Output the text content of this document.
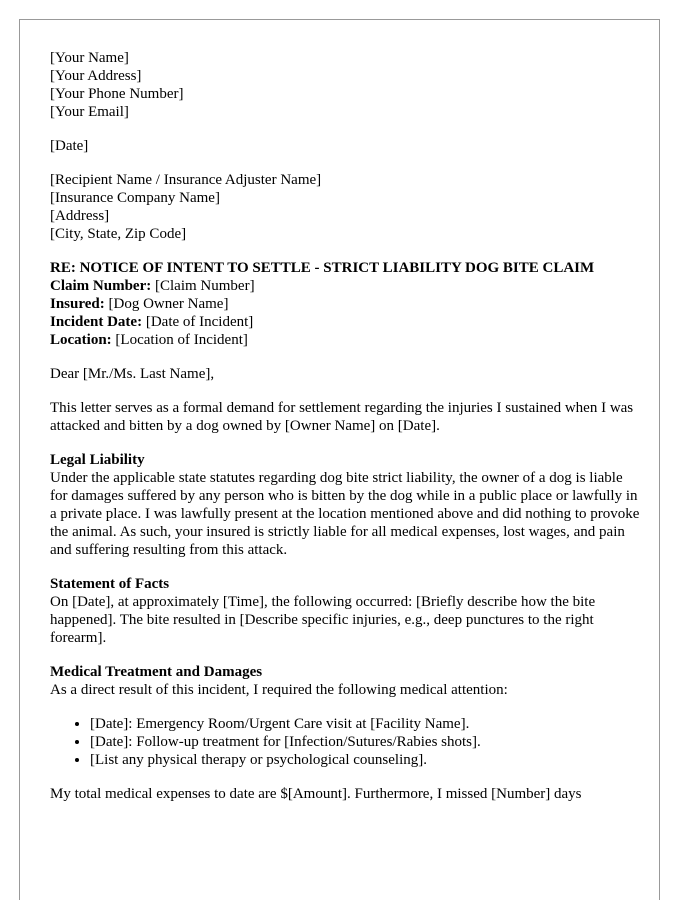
[Your Name]
[Your Address]
[Your Phone Number]
[Your Email]
[Date]
[Recipient Name / Insurance Adjuster Name]
[Insurance Company Name]
[Address]
[City, State, Zip Code]
RE: NOTICE OF INTENT TO SETTLE - STRICT LIABILITY DOG BITE CLAIM
Claim Number: [Claim Number]
Insured: [Dog Owner Name]
Incident Date: [Date of Incident]
Location: [Location of Incident]

Dear [Mr./Ms. Last Name],

This letter serves as a formal demand for settlement regarding the injuries I sustained when I was attacked and bitten by a dog owned by [Owner Name] on [Date].

Legal Liability
Under the applicable state statutes regarding dog bite strict liability, the owner of a dog is liable for damages suffered by any person who is bitten by the dog while in a public place or lawfully in a private place. I was lawfully present at the location mentioned above and did nothing to provoke the animal. As such, your insured is strictly liable for all medical expenses, lost wages, and pain and suffering resulting from this attack.
Statement of Facts
On [Date], at approximately [Time], the following occurred: [Briefly describe how the bite happened]. The bite resulted in [Describe specific injuries, e.g., deep punctures to the right forearm].
Medical Treatment and Damages
As a direct result of this incident, I required the following medical attention:
• [Date]: Emergency Room/Urgent Care visit at [Facility Name].
• [Date]: Follow-up treatment for [Infection/Sutures/Rabies shots].
• [List any physical therapy or psychological counseling].

My total medical expenses to date are $[Amount]. Furthermore, I missed [Number] days
